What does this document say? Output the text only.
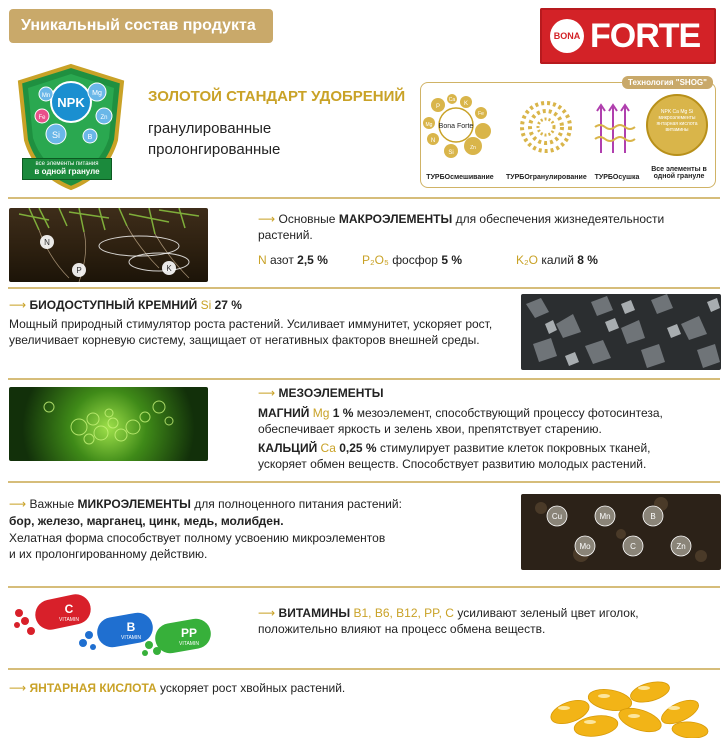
Уникальный состав продукта
BONA FORTE
NPK
Mn	Mg
Zn
Si
Fe
B
все элементы питания
в одной грануле
ЗОЛОТОЙ СТАНДАРТ УДОБРЕНИЙ
гранулированные
пролонгированные
Bona Forte
P
Ca
K
Mg
N
Si
Fe
Zn
NPK Ca Mg Si микроэлементы янтарная кислота витамины
Технология "SHOG"
ТУРБОсмешивание	ТУРБОгранулирование	ТУРБОсушка
Все элементы в одной грануле
N
P	K
⟶ Основные МАКРОЭЛЕМЕНТЫ для обеспечения жизнедеятельности растений.
N азот 2,5 %	P₂O₅ фосфор 5 %	K₂O калий 8 %
⟶ БИОДОСТУПНЫЙ КРЕМНИЙ Si 27 %
Мощный природный стимулятор роста растений. Усиливает иммунитет, ускоряет рост,
увеличивает корневую систему, защищает от негативных факторов внешней среды.
⟶ МЕЗОЭЛЕМЕНТЫ
МАГНИЙ Mg 1 % мезоэлемент, способствующий процессу фотосинтеза,
обеспечивает яркость и зелень хвои, препятствует старению.
КАЛЬЦИЙ Ca 0,25 % стимулирует развитие клеток покровных тканей,
ускоряет обмен веществ. Способствует развитию молодых растений.
⟶ Важные МИКРОЭЛЕМЕНТЫ для полноценного питания растений:
бор, железо, марганец, цинк, медь, молибден.
Хелатная форма способствует полному усвоению микроэлементов
и их пролонгированному действию.
Cu	Mn	B
Mo	C	Zn
C
VITAMIN	B
VITAMIN	PP
VITAMIN
⟶ ВИТАМИНЫ B1, B6, B12, PP, C усиливают зеленый цвет иголок,
положительно влияют на процесс обмена веществ.
⟶ ЯНТАРНАЯ КИСЛОТА ускоряет рост хвойных растений.
